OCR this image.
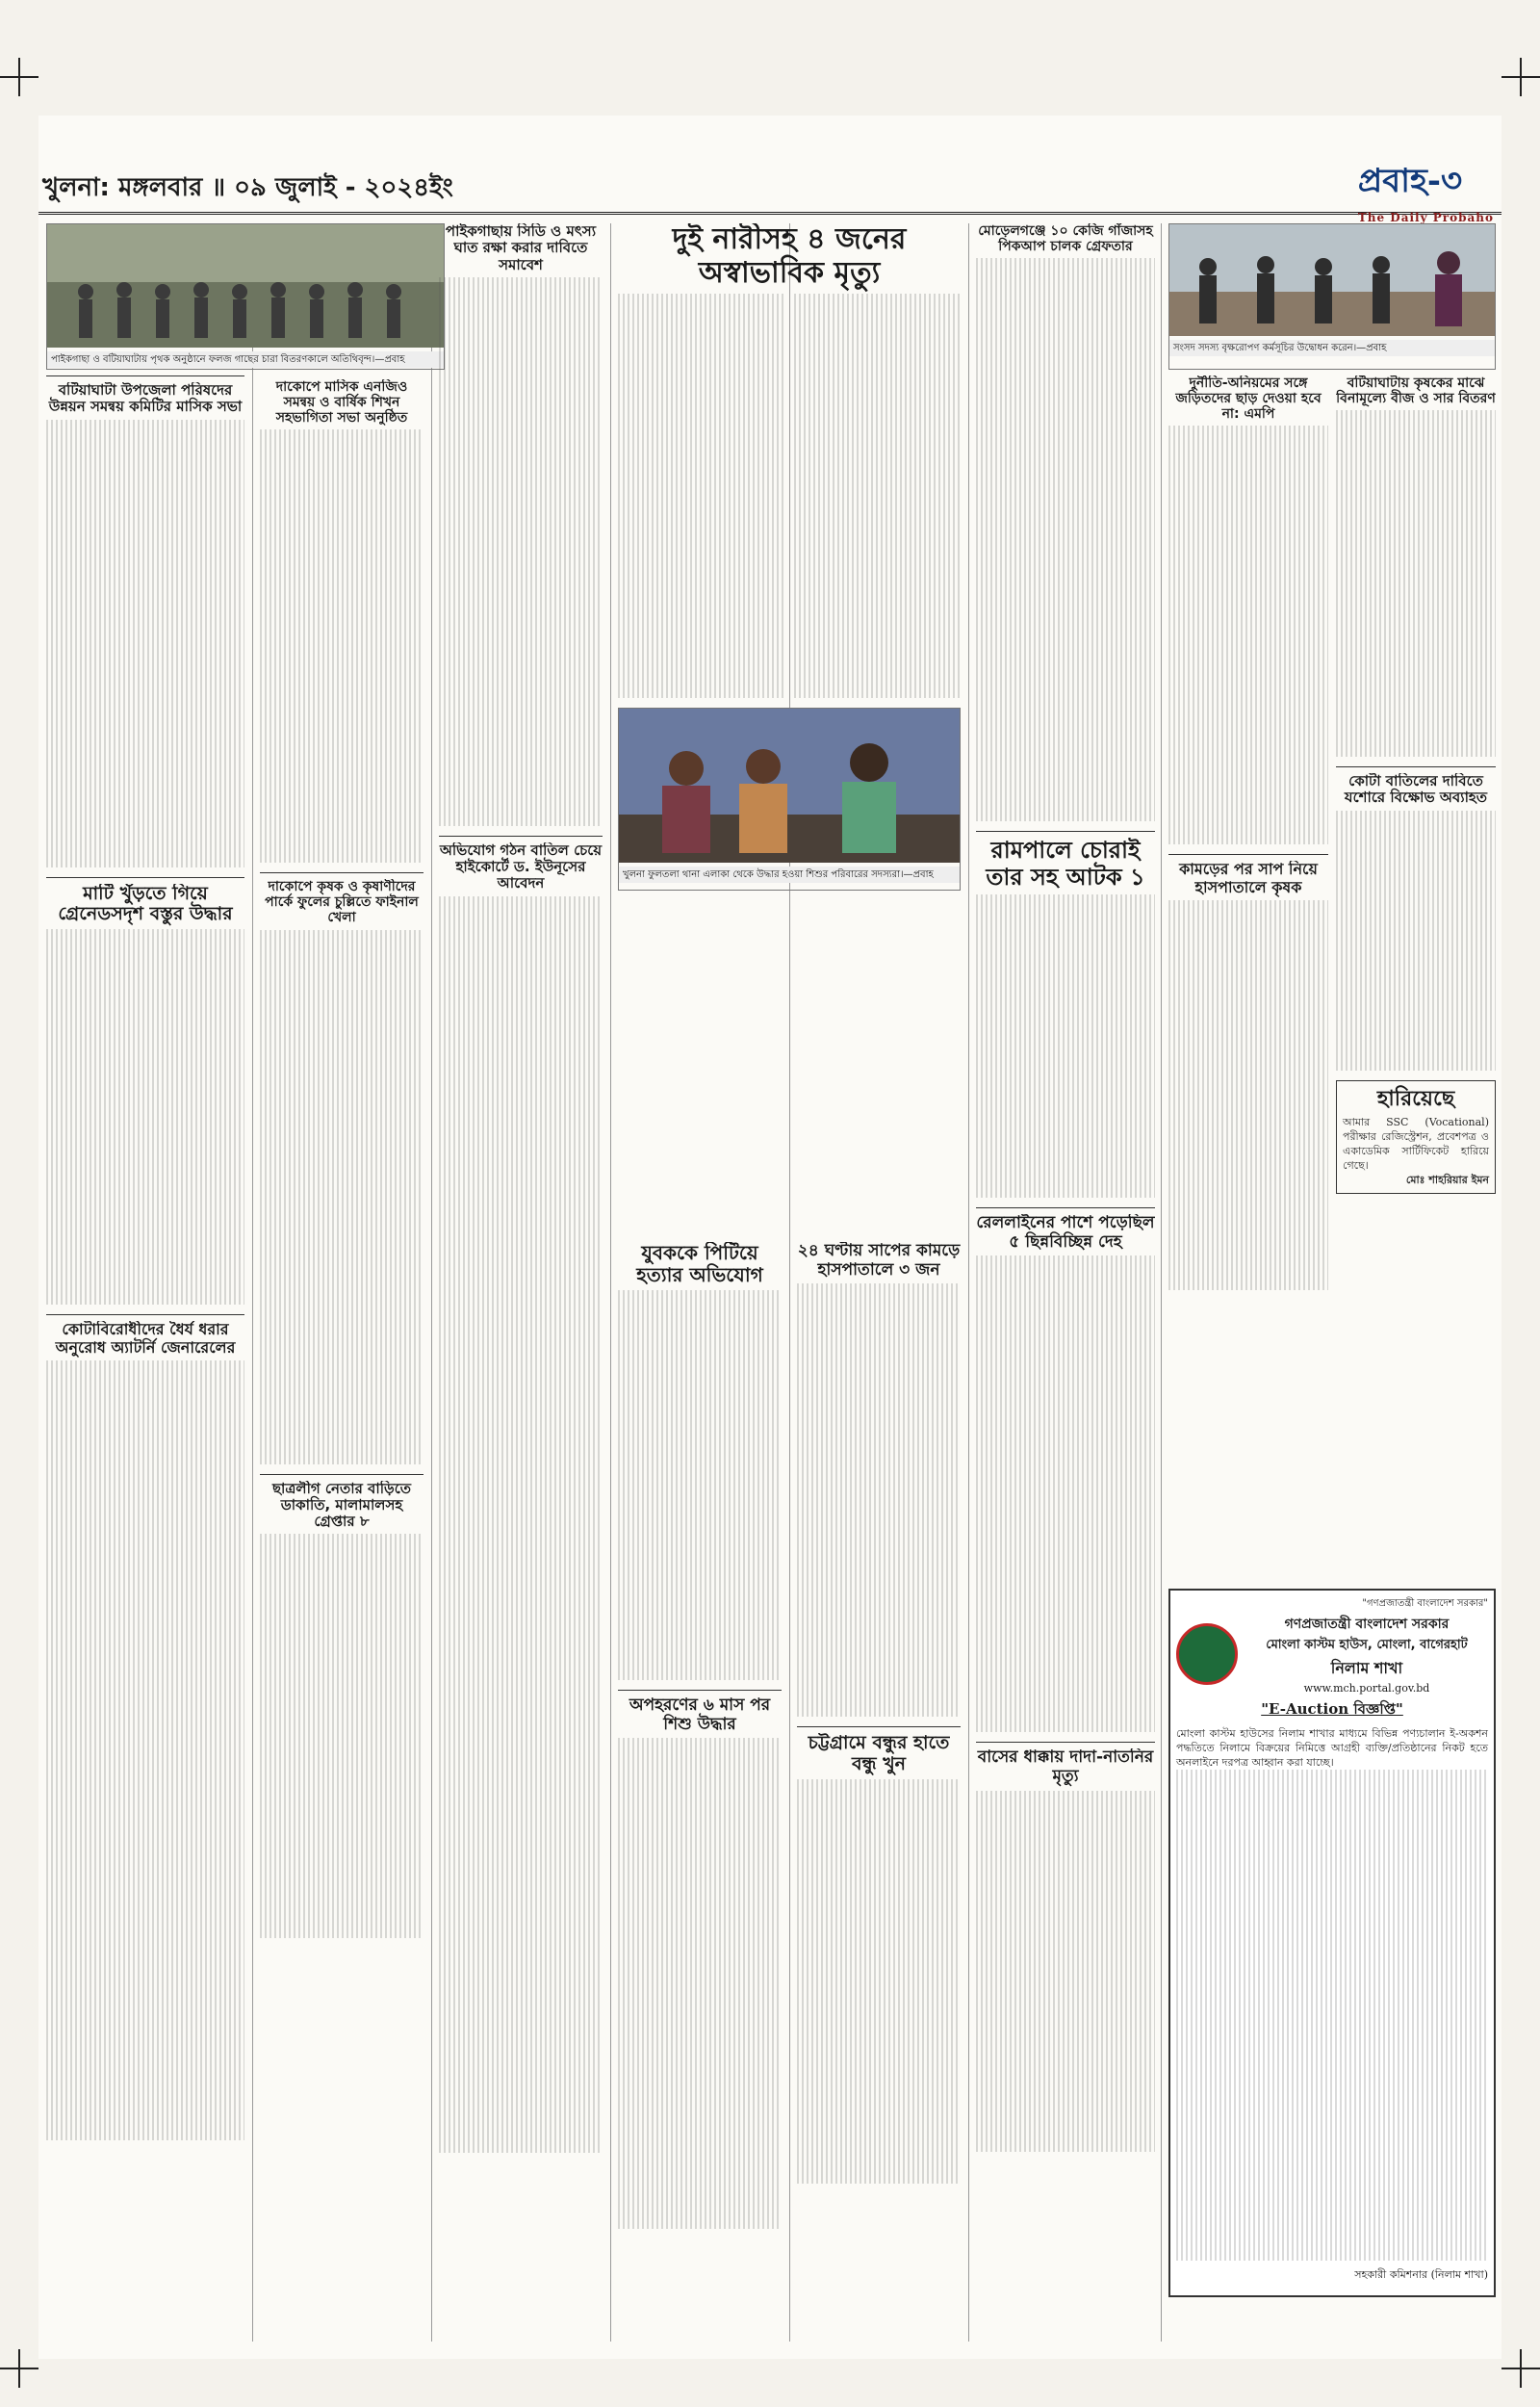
খুলনা: মঙ্গলবার ॥ ০৯ জুলাই - ২০২৪ইং	প্রবাহ-৩
The Daily Probaho
পাইকগাছা ও বটিয়াঘাটায় পৃথক অনুষ্ঠানে ফলজ গাছের চারা বিতরণকালে অতিথিবৃন্দ।—প্রবাহ
বটিয়াঘাটা উপজেলা পরিষদের উন্নয়ন সমন্বয় কমিটির মাসিক সভা
মাটি খুঁড়তে গিয়ে গ্রেনেডসদৃশ বস্তুর উদ্ধার
কোটাবিরোধীদের ধৈর্য ধরার অনুরোধ অ্যাটর্নি জেনারেলের
দাকোপে মাসিক এনজিও সমন্বয় ও বার্ষিক শিখন সহভাগিতা সভা অনুষ্ঠিত
দাকোপে কৃষক ও কৃষাণীদের পার্কে ফুলের চুল্লিতে ফাইনাল খেলা
ছাত্রলীগ নেতার বাড়িতে ডাকাতি, মালামালসহ গ্রেপ্তার ৮
পাইকগাছায় সিডি ও মৎস্য ঘাত রক্ষা করার দাবিতে সমাবেশ
অভিযোগ গঠন বাতিল চেয়ে হাইকোর্টে ড. ইউনূসের আবেদন
দুই নারীসহ ৪ জনের অস্বাভাবিক মৃত্যু
খুলনা ফুলতলা থানা এলাকা থেকে উদ্ধার হওয়া শিশুর পরিবারের সদস্যরা।—প্রবাহ
যুবককে পিটিয়ে হত্যার অভিযোগ
অপহরণের ৬ মাস পর শিশু উদ্ধার
২৪ ঘণ্টায় সাপের কামড়ে হাসপাতালে ৩ জন
চট্টগ্রামে বন্ধুর হাতে বন্ধু খুন
মোড়েলগঞ্জে ১০ কেজি গাঁজাসহ পিকআপ চালক গ্রেফতার
রামপালে চোরাই তার সহ আটক ১
রেললাইনের পাশে পড়েছিল ৫ ছিন্নবিচ্ছিন্ন দেহ
বাসের ধাক্কায় দাদা-নাতনির মৃত্যু
সংসদ সদস্য বৃক্ষরোপণ কর্মসূচির উদ্বোধন করেন।—প্রবাহ
দুর্নীতি-অনিয়মের সঙ্গে জড়িতদের ছাড় দেওয়া হবে না: এমপি
কামড়ের পর সাপ নিয়ে হাসপাতালে কৃষক
বটিয়াঘাটায় কৃষকের মাঝে বিনামূল্যে বীজ ও সার বিতরণ
কোটা বাতিলের দাবিতে যশোরে বিক্ষোভ অব্যাহত
হারিয়েছে
আমার SSC (Vocational) পরীক্ষার রেজিস্ট্রেশন, প্রবেশপত্র ও একাডেমিক সার্টিফিকেট হারিয়ে গেছে।
মোঃ শাহরিয়ার ইমন
"গণপ্রজাতন্ত্রী বাংলাদেশ সরকার"
গণপ্রজাতন্ত্রী বাংলাদেশ সরকার
মোংলা কাস্টম হাউস, মোংলা, বাগেরহাট
নিলাম শাখা
www.mch.portal.gov.bd
"E-Auction বিজ্ঞপ্তি"
মোংলা কাস্টম হাউসের নিলাম শাখার মাধ্যমে বিভিন্ন পণ্যচালান ই-অকশন পদ্ধতিতে নিলামে বিক্রয়ের নিমিত্তে আগ্রহী ব্যক্তি/প্রতিষ্ঠানের নিকট হতে অনলাইনে দরপত্র আহ্বান করা যাচ্ছে।
সহকারী কমিশনার (নিলাম শাখা)
